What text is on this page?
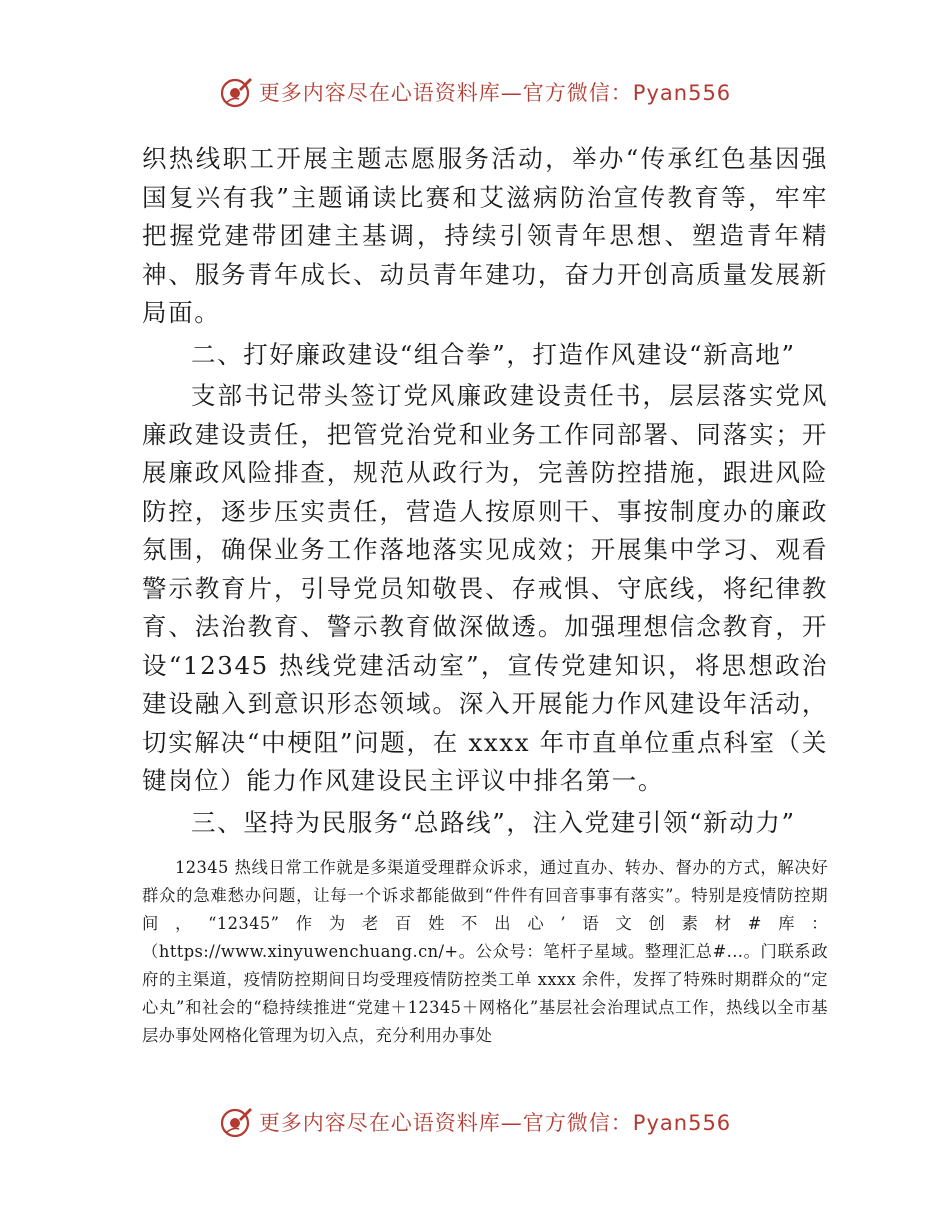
更多内容尽在心语资料库—官方微信：Pyan556

织热线职工开展主题志愿服务活动，举办“传承红色基因强国复兴有我”主题诵读比赛和艾滋病防治宣传教育等，牢牢把握党建带团建主基调，持续引领青年思想、塑造青年精神、服务青年成长、动员青年建功，奋力开创高质量发展新局面。

二、打好廉政建设“组合拳”，打造作风建设“新高地”

支部书记带头签订党风廉政建设责任书，层层落实党风廉政建设责任，把管党治党和业务工作同部署、同落实；开展廉政风险排查，规范从政行为，完善防控措施，跟进风险防控，逐步压实责任，营造人按原则干、事按制度办的廉政氛围，确保业务工作落地落实见成效；开展集中学习、观看警示教育片，引导党员知敬畏、存戒惧、守底线，将纪律教育、法治教育、警示教育做深做透。加强理想信念教育，开设“12345 热线党建活动室”，宣传党建知识，将思想政治建设融入到意识形态领域。深入开展能力作风建设年活动，切实解决“中梗阻”问题，在 xxxx 年市直单位重点科室（关键岗位）能力作风建设民主评议中排名第一。

三、坚持为民服务“总路线”，注入党建引领“新动力”

12345 热线日常工作就是多渠道受理群众诉求，通过直办、转办、督办的方式，解决好群众的急难愁办问题，让每一个诉求都能做到“件件有回音事事有落实”。特别是疫情防控期间，“12345”作为老百姓不出心’语文创素材#库：（https://www.xinyuwenchuang.cn/+。公众号：笔杆子星域。整理汇总#...。门联系政府的主渠道，疫情防控期间日均受理疫情防控类工单 xxxx 余件，发挥了特殊时期群众的“定心丸”和社会的“稳持续推进“党建＋12345＋网格化”基层社会治理试点工作，热线以全市基层办事处网格化管理为切入点，充分利用办事处

更多内容尽在心语资料库—官方微信：Pyan556
